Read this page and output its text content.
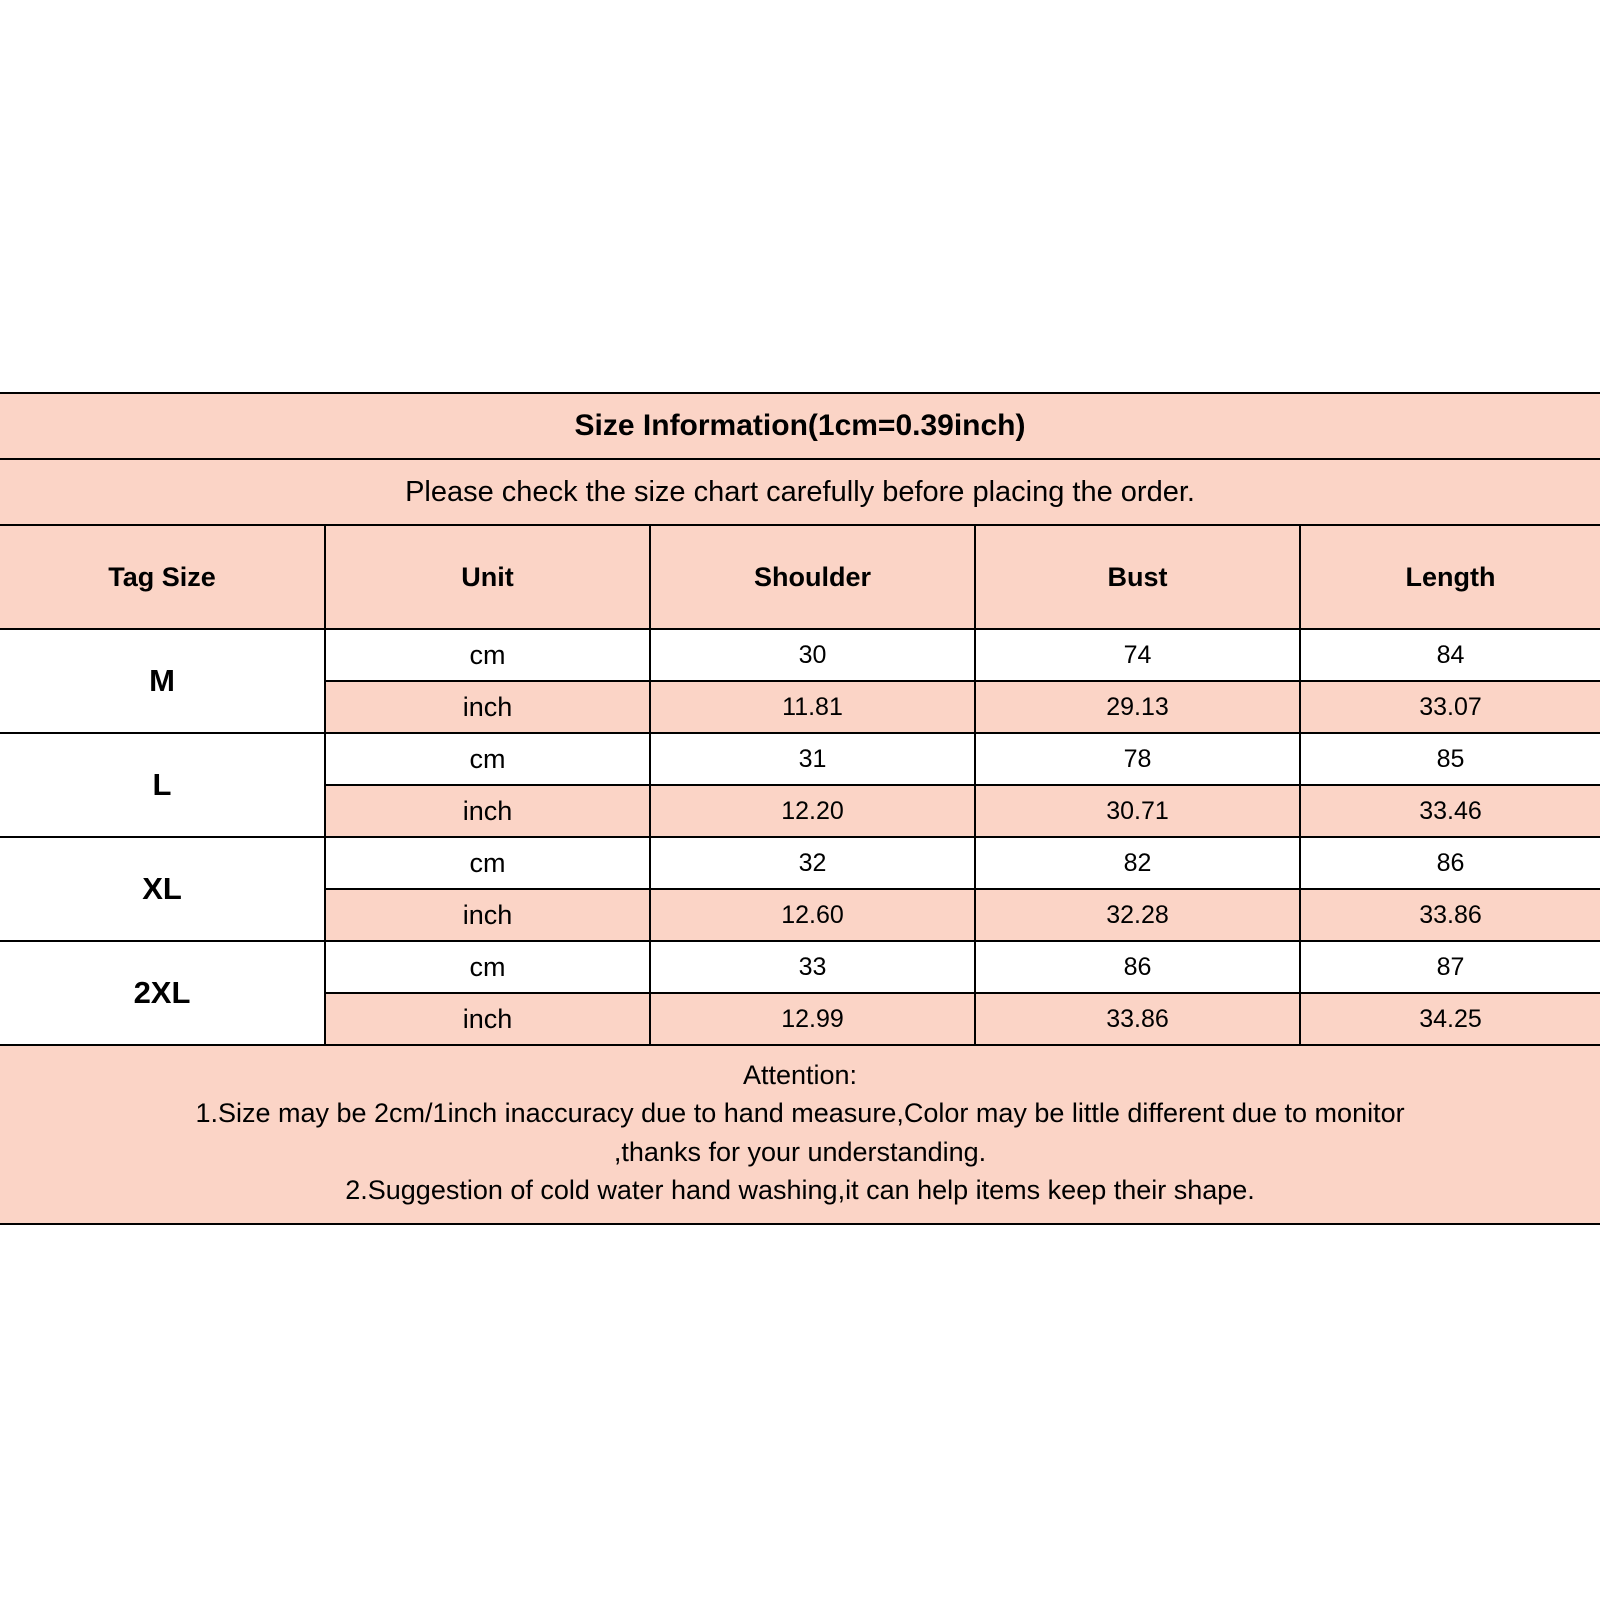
Size Information(1cm=0.39inch)				
Please check the size chart carefully before placing the order.				
Tag Size	Unit	Shoulder	Bust	Length
M	cm	30	74	84
	inch	11.81	29.13	33.07
L	cm	31	78	85
	inch	12.20	30.71	33.46
XL	cm	32	82	86
	inch	12.60	32.28	33.86
2XL	cm	33	86	87
	inch	12.99	33.86	34.25

Attention:
1.Size may be 2cm/1inch inaccuracy due to hand measure,Color may be little different due to monitor
,thanks for your understanding.
2.Suggestion of cold water hand washing,it can help items keep their shape.				
